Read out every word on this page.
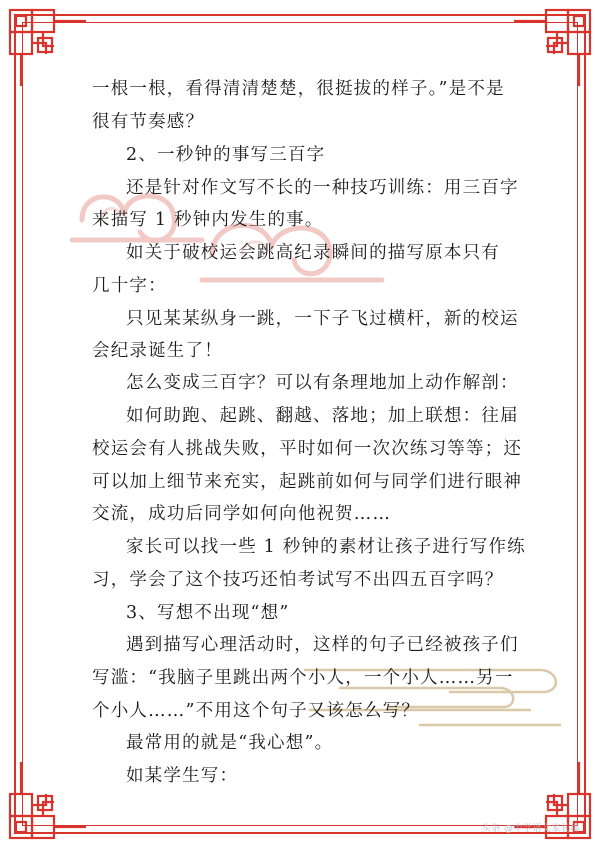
一根一根，看得清清楚楚，很挺拔的样子。”是不是
很有节奏感？
2、一秒钟的事写三百字
还是针对作文写不长的一种技巧训练：用三百字
来描写 1 秒钟内发生的事。
如关于破校运会跳高纪录瞬间的描写原本只有
几十字：
只见某某纵身一跳，一下子飞过横杆，新的校运
会纪录诞生了！
怎么变成三百字？可以有条理地加上动作解剖：
如何助跑、起跳、翻越、落地；加上联想：往届
校运会有人挑战失败，平时如何一次次练习等等；还
可以加上细节来充实，起跳前如何与同学们进行眼神
交流，成功后同学如何向他祝贺……
家长可以找一些 1 秒钟的素材让孩子进行写作练
习，学会了这个技巧还怕考试写不出四五百字吗？
3、写想不出现“想”
遇到描写心理活动时，这样的句子已经被孩子们
写滥：“我脑子里跳出两个小人，一个小人……另一
个小人……”不用这个句子又该怎么写？
最常用的就是“我心想”。
如某学生写：
头条 @中学语文家长群
